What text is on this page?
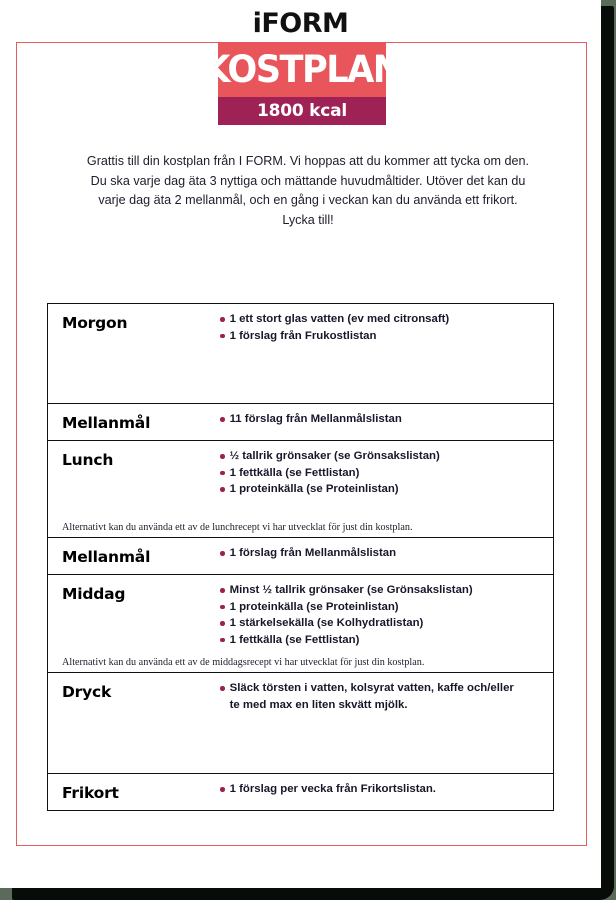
iFORM
KOSTPLAN
1800 kcal
Grattis till din kostplan från I FORM. Vi hoppas att du kommer att tycka om den.
Du ska varje dag äta 3 nyttiga och mättande huvudmåltider. Utöver det kan du
varje dag äta 2 mellanmål, och en gång i veckan kan du använda ett frikort.
Lycka till!
Morgon	1 ett stort glas vatten (ev med citronsaft)
1 förslag från Frukostlistan
Mellanmål	11 förslag från Mellanmålslistan
Lunch	½ tallrik grönsaker (se Grönsakslistan)
1 fettkälla (se Fettlistan)
1 proteinkälla (se Proteinlistan)
Alternativt kan du använda ett av de lunchrecept vi har utvecklat för just din kostplan.
Mellanmål	1 förslag från Mellanmålslistan
Middag	Minst ½ tallrik grönsaker (se Grönsakslistan)
1 proteinkälla (se Proteinlistan)
1 stärkelsekälla (se Kolhydratlistan)
1 fettkälla (se Fettlistan)
Alternativt kan du använda ett av de middagsrecept vi har utvecklat för just din kostplan.
Dryck	Släck törsten i vatten, kolsyrat vatten, kaffe och/eller te med max en liten skvätt mjölk.
Frikort	1 förslag per vecka från Frikortslistan.
